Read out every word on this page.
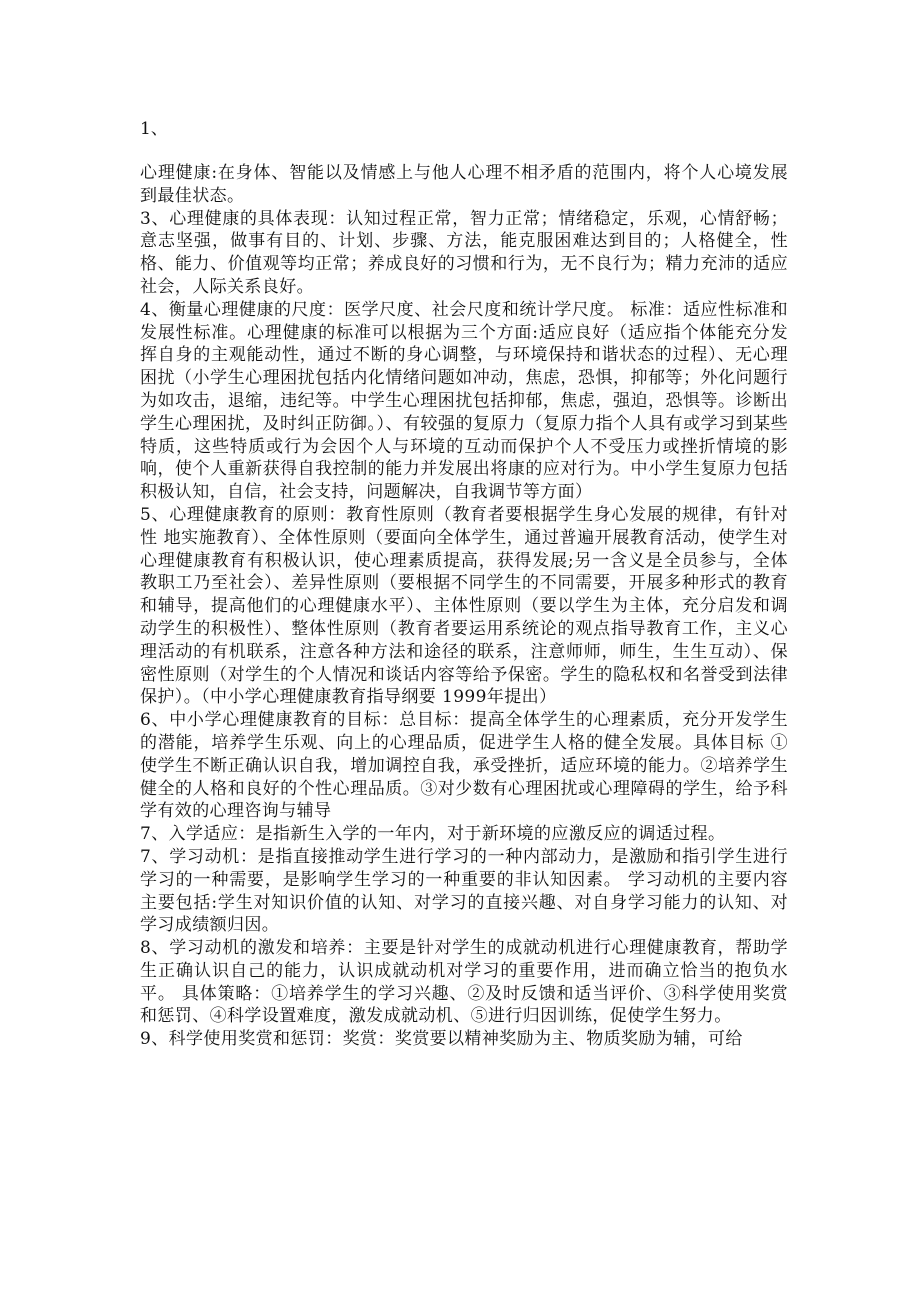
1、

心理健康:在身体、智能以及情感上与他人心理不相矛盾的范围内，将个人心境发展到最佳状态。

3、心理健康的具体表现：认知过程正常，智力正常；情绪稳定，乐观，心情舒畅；意志坚强，做事有目的、计划、步骤、方法，能克服困难达到目的；人格健全，性格、能力、价值观等均正常；养成良好的习惯和行为，无不良行为；精力充沛的适应社会，人际关系良好。

4、衡量心理健康的尺度：医学尺度、社会尺度和统计学尺度。 标准：适应性标准和发展性标准。心理健康的标准可以根据为三个方面:适应良好（适应指个体能充分发挥自身的主观能动性，通过不断的身心调整，与环境保持和谐状态的过程）、无心理困扰（小学生心理困扰包括内化情绪问题如冲动，焦虑，恐惧，抑郁等；外化问题行为如攻击，退缩，违纪等。中学生心理困扰包括抑郁，焦虑，强迫，恐惧等。诊断出学生心理困扰，及时纠正防御。）、有较强的复原力（复原力指个人具有或学习到某些特质，这些特质或行为会因个人与环境的互动而保护个人不受压力或挫折情境的影响，使个人重新获得自我控制的能力并发展出将康的应对行为。中小学生复原力包括积极认知，自信，社会支持，问题解决，自我调节等方面）

5、心理健康教育的原则：教育性原则（教育者要根据学生身心发展的规律，有针对性 地实施教育）、全体性原则（要面向全体学生，通过普遍开展教育活动，使学生对心理健康教育有积极认识，使心理素质提高，获得发展;另一含义是全员参与，全体教职工乃至社会）、差异性原则（要根据不同学生的不同需要，开展多种形式的教育和辅导，提高他们的心理健康水平）、主体性原则（要以学生为主体，充分启发和调动学生的积极性）、整体性原则（教育者要运用系统论的观点指导教育工作，主义心理活动的有机联系，注意各种方法和途径的联系，注意师师，师生，生生互动）、保密性原则（对学生的个人情况和谈话内容等给予保密。学生的隐私权和名誉受到法律保护）。（中小学心理健康教育指导纲要 1999年提出）

6、中小学心理健康教育的目标：总目标：提高全体学生的心理素质，充分开发学生的潜能，培养学生乐观、向上的心理品质，促进学生人格的健全发展。具体目标 ①使学生不断正确认识自我，增加调控自我，承受挫折，适应环境的能力。②培养学生健全的人格和良好的个性心理品质。③对少数有心理困扰或心理障碍的学生，给予科学有效的心理咨询与辅导

7、入学适应：是指新生入学的一年内，对于新环境的应激反应的调适过程。

7、学习动机：是指直接推动学生进行学习的一种内部动力，是激励和指引学生进行学习的一种需要，是影响学生学习的一种重要的非认知因素。 学习动机的主要内容主要包括:学生对知识价值的认知、对学习的直接兴趣、对自身学习能力的认知、对学习成绩额归因。

8、学习动机的激发和培养：主要是针对学生的成就动机进行心理健康教育，帮助学生正确认识自己的能力，认识成就动机对学习的重要作用，进而确立恰当的抱负水平。 具体策略：①培养学生的学习兴趣、②及时反馈和适当评价、③科学使用奖赏和惩罚、④科学设置难度，激发成就动机、⑤进行归因训练，促使学生努力。

9、科学使用奖赏和惩罚：奖赏：奖赏要以精神奖励为主、物质奖励为辅，可给
